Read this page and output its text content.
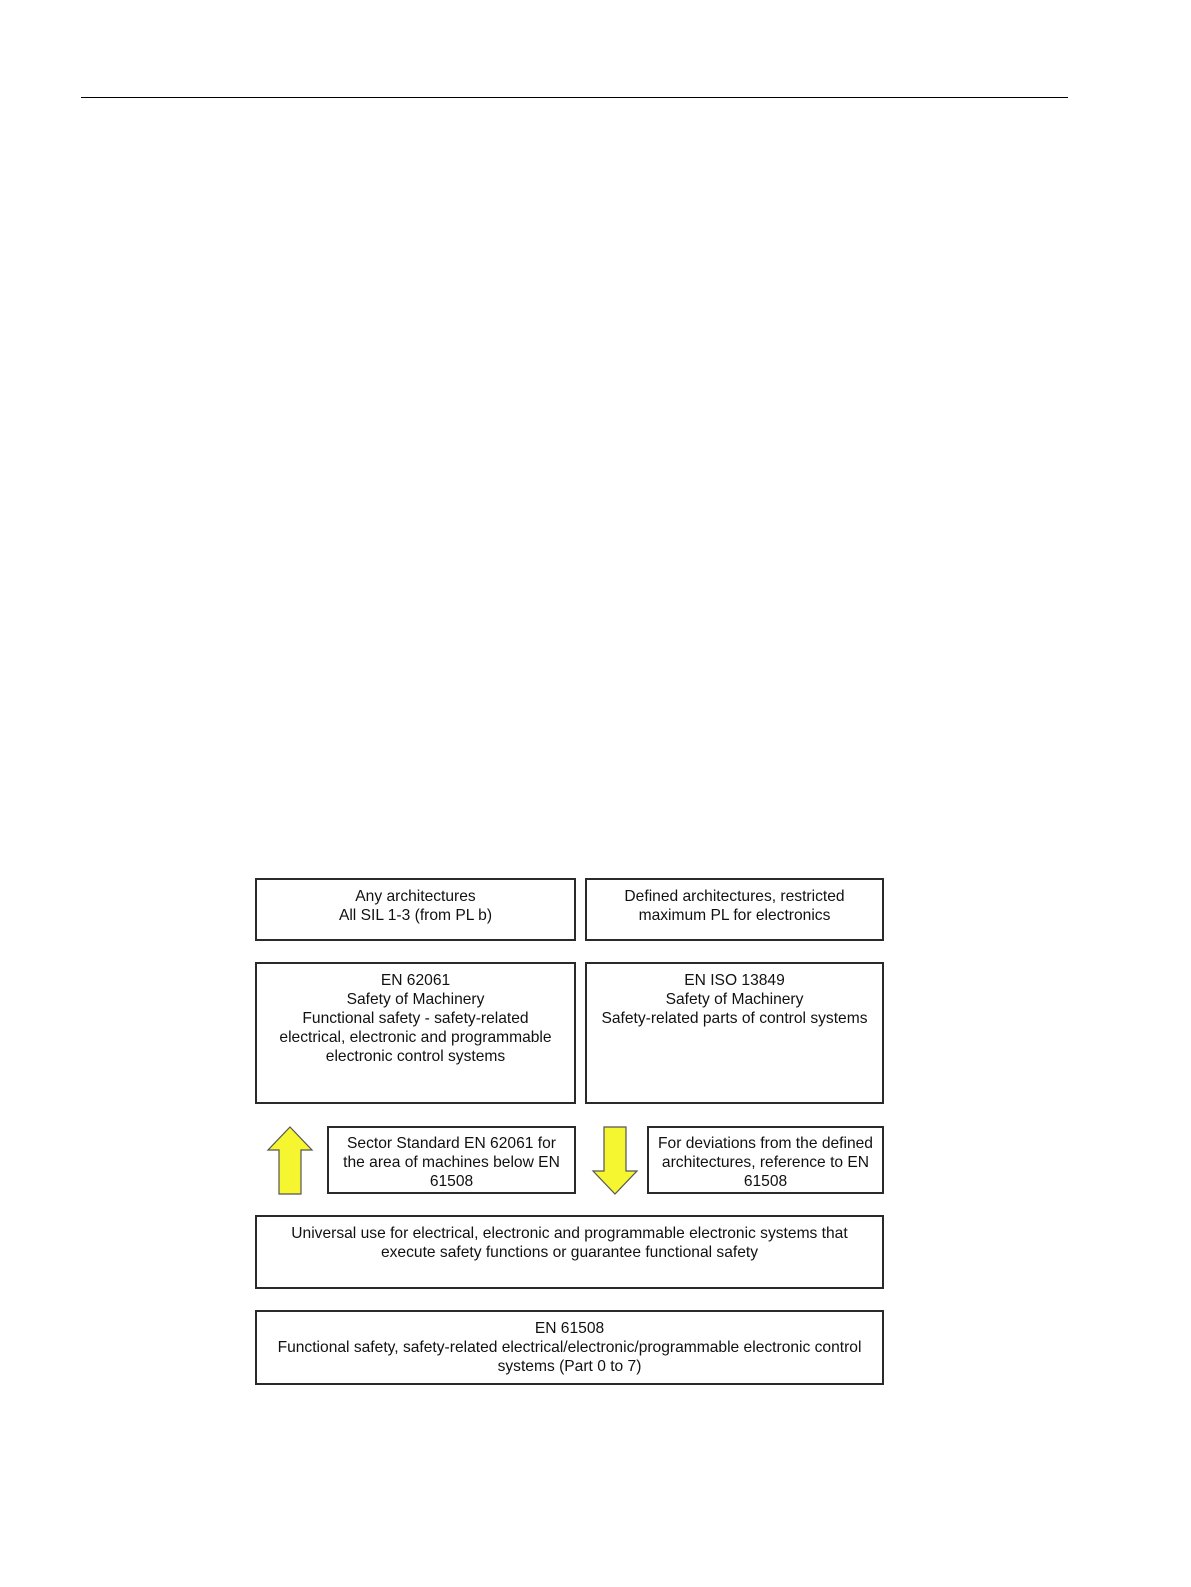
Any architectures
All SIL 1-3 (from PL b)
Defined architectures, restricted
maximum PL for electronics
EN 62061
Safety of Machinery
Functional safety - safety-related
electrical, electronic and programmable
electronic control systems
EN ISO 13849
Safety of Machinery
Safety-related parts of control systems
Sector Standard EN 62061 for
the area of machines below EN
61508
For deviations from the defined
architectures, reference to EN
61508
Universal use for electrical, electronic and programmable electronic systems that
execute safety functions or guarantee functional safety
EN 61508
Functional safety, safety-related electrical/electronic/programmable electronic control
systems (Part 0 to 7)
